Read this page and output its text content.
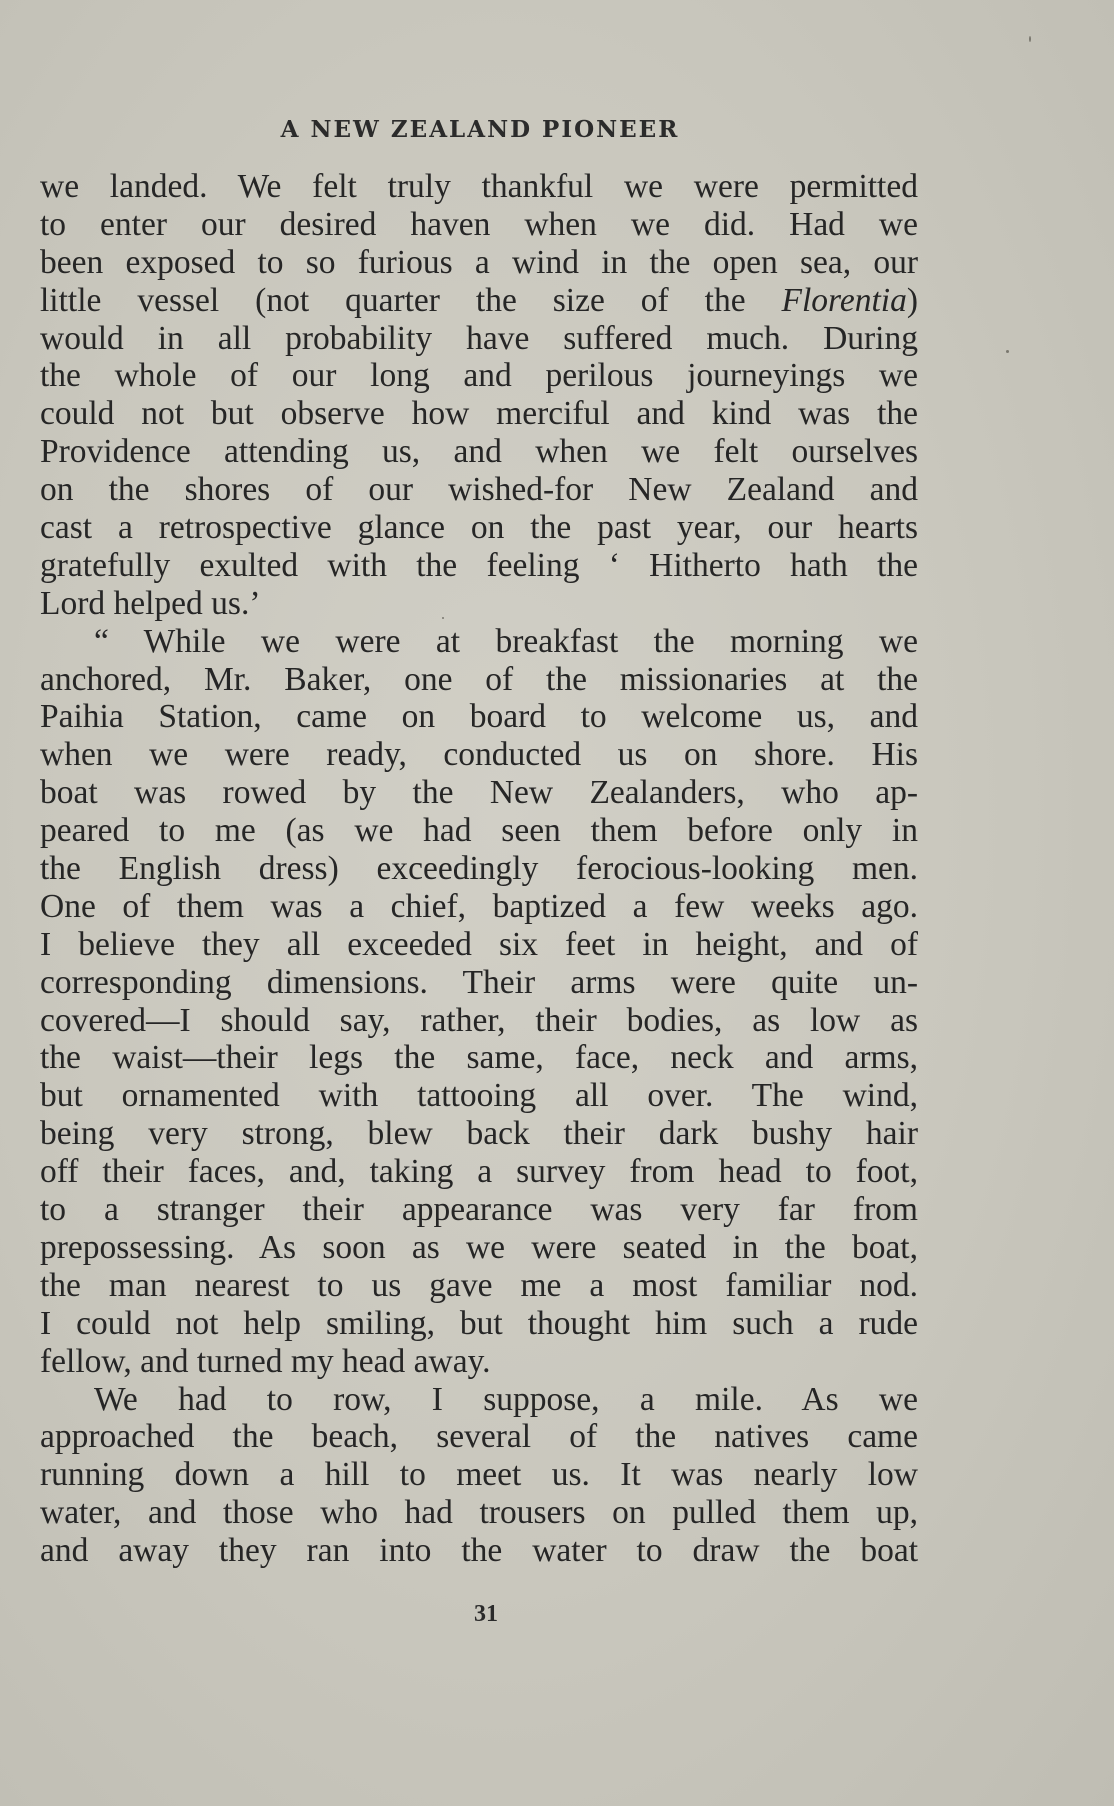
A NEW ZEALAND PIONEER
we landed. We felt truly thankful we were permitted
to enter our desired haven when we did. Had we
been exposed to so furious a wind in the open sea, our
little vessel (not quarter the size of the Florentia)
would in all probability have suffered much. During
the whole of our long and perilous journeyings we
could not but observe how merciful and kind was the
Providence attending us, and when we felt ourselves
on the shores of our wished-for New Zealand and
cast a retrospective glance on the past year, our hearts
gratefully exulted with the feeling ‘ Hitherto hath the
Lord helped us.’
“ While we were at breakfast the morning we
anchored, Mr. Baker, one of the missionaries at the
Paihia Station, came on board to welcome us, and
when we were ready, conducted us on shore. His
boat was rowed by the New Zealanders, who ap-
peared to me (as we had seen them before only in
the English dress) exceedingly ferocious-looking men.
One of them was a chief, baptized a few weeks ago.
I believe they all exceeded six feet in height, and of
corresponding dimensions. Their arms were quite un-
covered—I should say, rather, their bodies, as low as
the waist—their legs the same, face, neck and arms,
but ornamented with tattooing all over. The wind,
being very strong, blew back their dark bushy hair
off their faces, and, taking a survey from head to foot,
to a stranger their appearance was very far from
prepossessing. As soon as we were seated in the boat,
the man nearest to us gave me a most familiar nod.
I could not help smiling, but thought him such a rude
fellow, and turned my head away.
We had to row, I suppose, a mile. As we
approached the beach, several of the natives came
running down a hill to meet us. It was nearly low
water, and those who had trousers on pulled them up,
and away they ran into the water to draw the boat
31
